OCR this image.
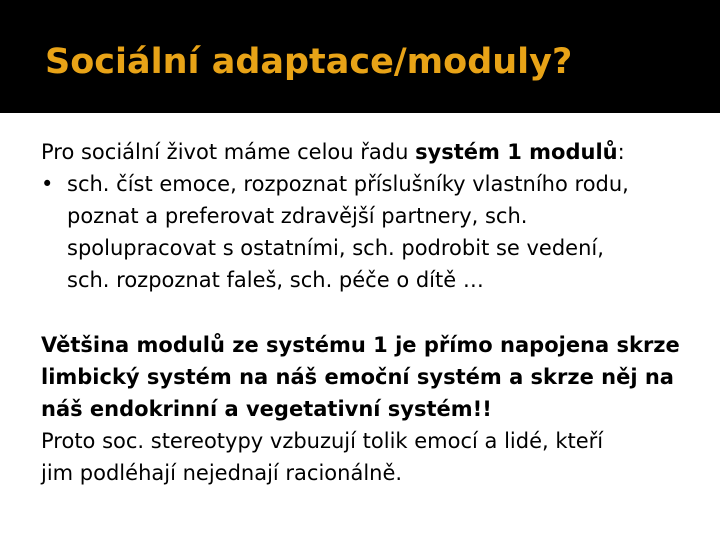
Sociální adaptace/moduly?

Pro sociální život máme celou řadu systém 1 modulů:

• sch. číst emoce, rozpoznat příslušníky vlastního rodu,

poznat a preferovat zdravější partnery, sch.

spolupracovat s ostatními, sch. podrobit se vedení,

sch. rozpoznat faleš, sch. péče o dítě …

Většina modulů ze systému 1 je přímo napojena skrze

limbický systém na náš emoční systém a skrze něj na

náš endokrinní a vegetativní systém!!

Proto soc. stereotypy vzbuzují tolik emocí a lidé, kteří

jim podléhají nejednají racionálně.
